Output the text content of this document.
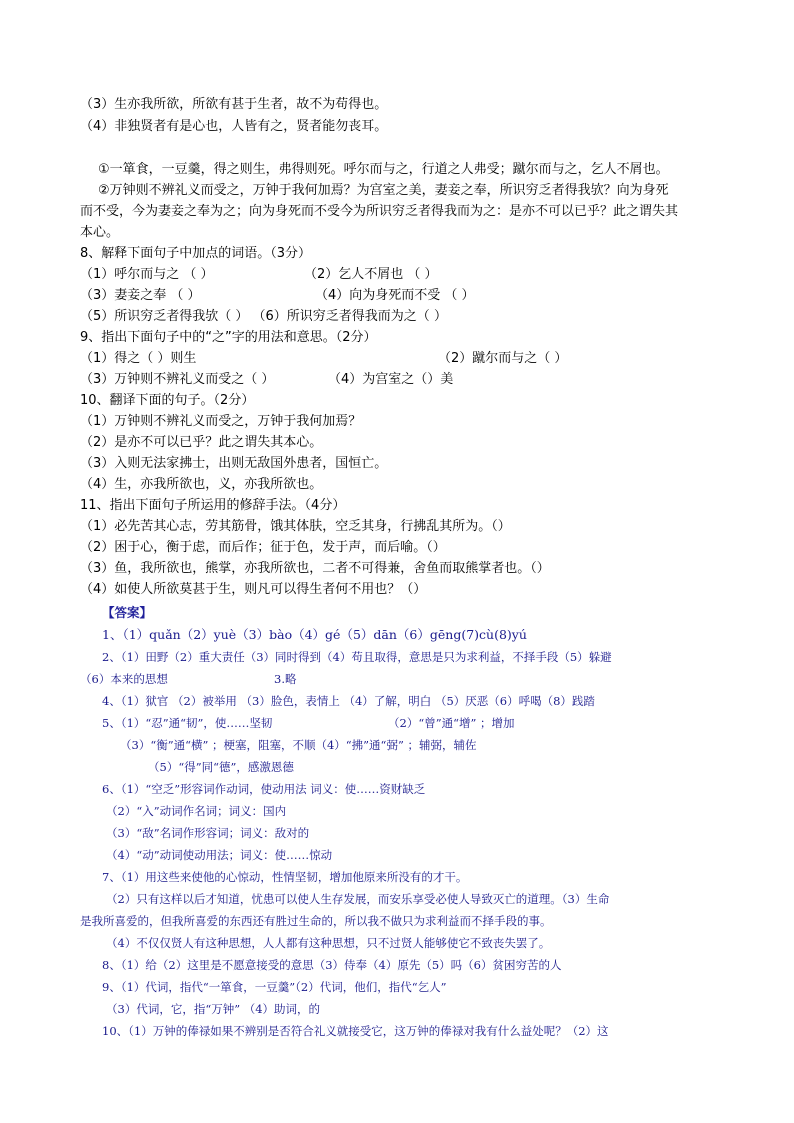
（3）生亦我所欲，所欲有甚于生者，故不为苟得也。
（4）非独贤者有是心也，人皆有之，贤者能勿丧耳。
①一箪食，一豆羹，得之则生，弗得则死。呼尔而与之，行道之人弗受；蹴尔而与之，乞人不屑也。
②万钟则不辨礼义而受之，万钟于我何加焉？为宫室之美，妻妾之奉，所识穷乏者得我欤？向为身死
而不受，今为妻妾之奉为之；向为身死而不受今为所识穷乏者得我而为之：是亦不可以已乎？此之谓失其
本心。
8、解释下面句子中加点的词语。（3分）
（1）呼尔而与之 （ ）	（2）乞人不屑也 （ ）
（3）妻妾之奉 （ ）	（4）向为身死而不受 （ ）
（5）所识穷乏者得我欤（ ） （6）所识穷乏者得我而为之（ ）
9、指出下面句子中的“之”字的用法和意思。（2分）
（1）得之（ ）则生	（2）蹴尔而与之（ ）
（3）万钟则不辨礼义而受之（ ）	（4）为宫室之（）美
10、翻译下面的句子。（2分）
（1）万钟则不辨礼义而受之，万钟于我何加焉？
（2）是亦不可以已乎？此之谓失其本心。
（3）入则无法家拂士，出则无敌国外患者，国恒亡。
（4）生，亦我所欲也，义，亦我所欲也。
11、指出下面句子所运用的修辞手法。（4分）
（1）必先苦其心志，劳其筋骨，饿其体肤，空乏其身，行拂乱其所为。（）
（2）困于心，衡于虑，而后作；征于色，发于声，而后喻。（）
（3）鱼，我所欲也，熊掌，亦我所欲也，二者不可得兼，舍鱼而取熊掌者也。（）
（4）如使人所欲莫甚于生，则凡可以得生者何不用也？（）
【答案】
1、（1）quǎn（2）yuè（3）bào（4）gé（5）dān（6）gēng(7)cù(8)yú
2、（1）田野（2）重大责任（3）同时得到（4）苟且取得，意思是只为求利益，不择手段（5）躲避
（6）本来的思想	3.略
4、（1）狱官 （2）被举用 （3）脸色，表情上 （4）了解，明白 （5）厌恶（6）呼喝（8）践踏
5、（1）“忍”通“韧”，使……坚韧	（2）“曾”通“增” ；增加
（3）“衡”通“横” ；梗塞，阻塞，不顺（4）“拂”通“弼” ；辅弼，辅佐
（5）“得”同“德”，感激恩德
6、（1）“空乏”形容词作动词，使动用法 词义：使……资财缺乏
（2）“入”动词作名词；词义：国内
（3）“敌”名词作形容词；词义：敌对的
（4）“动”动词使动用法；词义：使……惊动
7、（1）用这些来使他的心惊动，性情坚韧，增加他原来所没有的才干。
（2）只有这样以后才知道，忧患可以使人生存发展，而安乐享受必使人导致灭亡的道理。（3）生命
是我所喜爱的，但我所喜爱的东西还有胜过生命的，所以我不做只为求利益而不择手段的事。
（4）不仅仅贤人有这种思想，人人都有这种思想，只不过贤人能够使它不致丧失罢了。
8、（1）给（2）这里是不愿意接受的意思（3）侍奉（4）原先（5）吗（6）贫困穷苦的人
9、（1）代词，指代“一箪食，一豆羹”（2）代词，他们，指代“乞人”
（3）代词，它，指“万钟” （4）助词，的
10、（1）万钟的俸禄如果不辨别是否符合礼义就接受它，这万钟的俸禄对我有什么益处呢？（2）这
